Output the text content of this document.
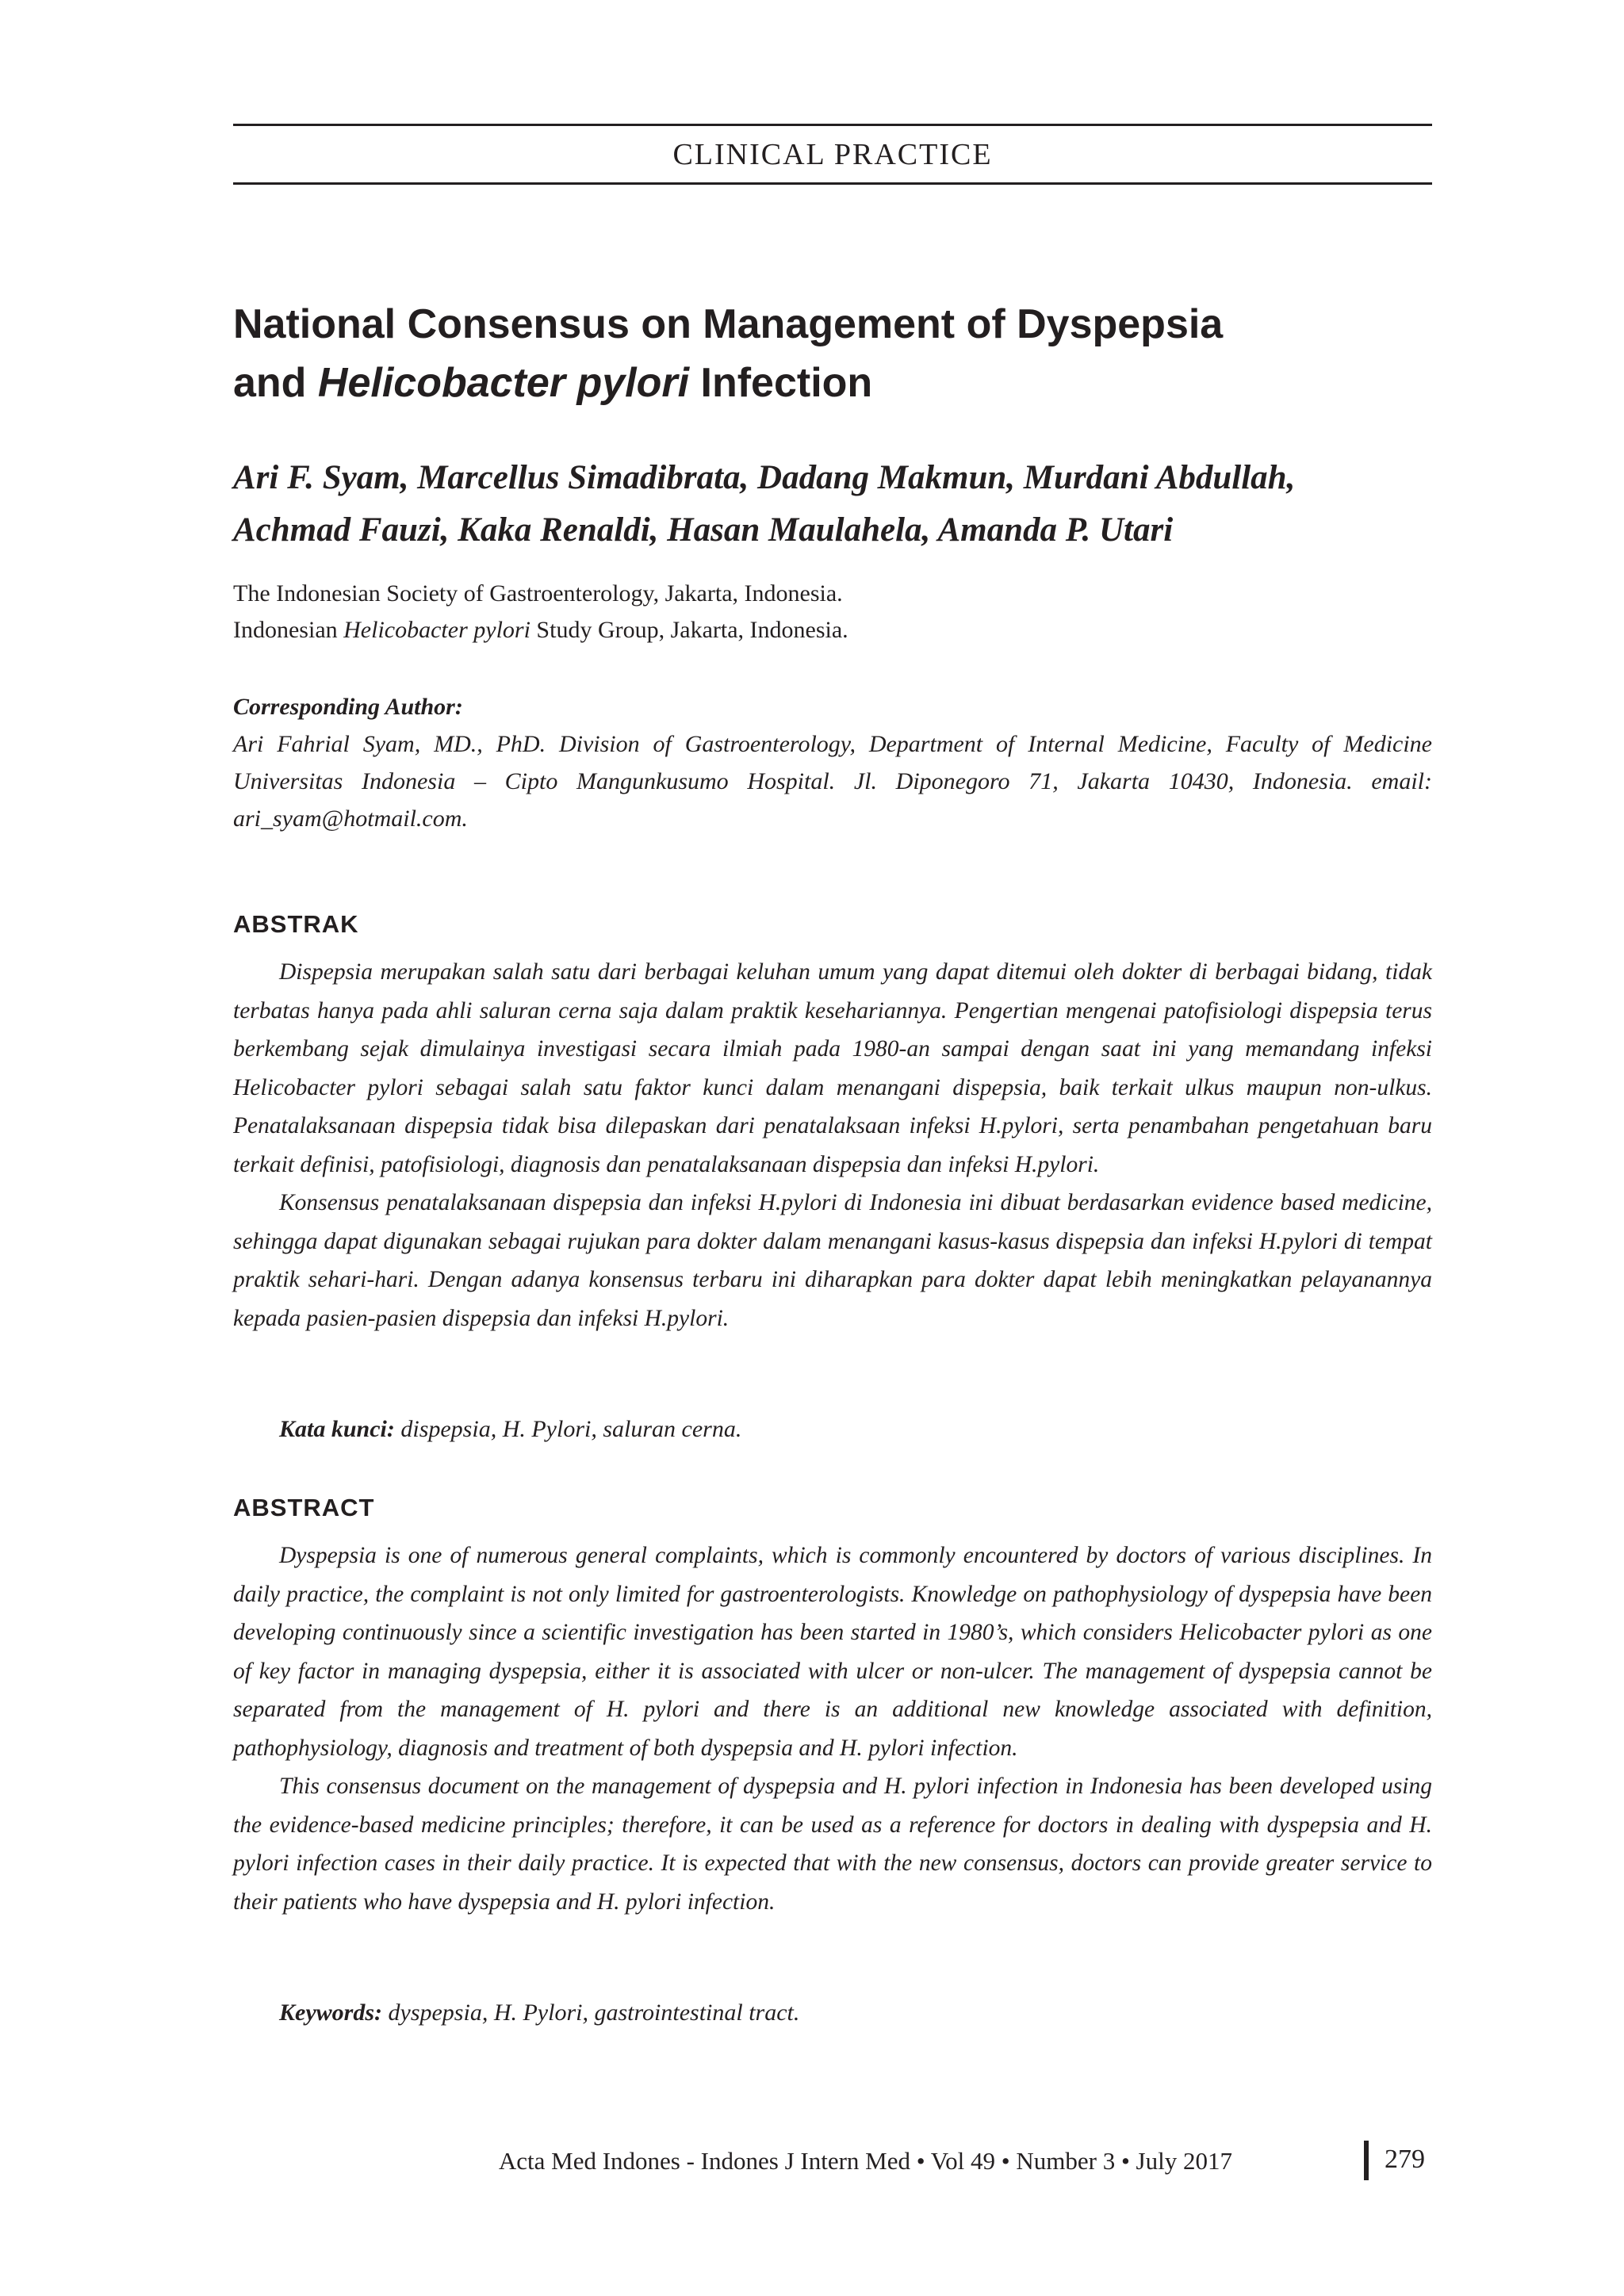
CLINICAL PRACTICE
National Consensus on Management of Dyspepsia
and Helicobacter pylori Infection
Ari F. Syam, Marcellus Simadibrata, Dadang Makmun, Murdani Abdullah,
Achmad Fauzi, Kaka Renaldi, Hasan Maulahela, Amanda P. Utari
The Indonesian Society of Gastroenterology, Jakarta, Indonesia.
Indonesian Helicobacter pylori Study Group, Jakarta, Indonesia.
Corresponding Author:
Ari Fahrial Syam, MD., PhD. Division of Gastroenterology, Department of Internal Medicine, Faculty of Medicine Universitas Indonesia – Cipto Mangunkusumo Hospital. Jl. Diponegoro 71, Jakarta 10430, Indonesia. email: ari_syam@hotmail.com.
ABSTRAK

Dispepsia merupakan salah satu dari berbagai keluhan umum yang dapat ditemui oleh dokter di berbagai bidang, tidak terbatas hanya pada ahli saluran cerna saja dalam praktik kesehariannya. Pengertian mengenai patofisiologi dispepsia terus berkembang sejak dimulainya investigasi secara ilmiah pada 1980-an sampai dengan saat ini yang memandang infeksi Helicobacter pylori sebagai salah satu faktor kunci dalam menangani dispepsia, baik terkait ulkus maupun non-ulkus. Penatalaksanaan dispepsia tidak bisa dilepaskan dari penatalaksaan infeksi H.pylori, serta penambahan pengetahuan baru terkait definisi, patofisiologi, diagnosis dan penatalaksanaan dispepsia dan infeksi H.pylori.

Konsensus penatalaksanaan dispepsia dan infeksi H.pylori di Indonesia ini dibuat berdasarkan evidence based medicine, sehingga dapat digunakan sebagai rujukan para dokter dalam menangani kasus-kasus dispepsia dan infeksi H.pylori di tempat praktik sehari-hari. Dengan adanya konsensus terbaru ini diharapkan para dokter dapat lebih meningkatkan pelayanannya kepada pasien-pasien dispepsia dan infeksi H.pylori.

Kata kunci: dispepsia, H. Pylori, saluran cerna.
ABSTRACT

Dyspepsia is one of numerous general complaints, which is commonly encountered by doctors of various disciplines. In daily practice, the complaint is not only limited for gastroenterologists. Knowledge on pathophysiology of dyspepsia have been developing continuously since a scientific investigation has been started in 1980’s, which considers Helicobacter pylori as one of key factor in managing dyspepsia, either it is associated with ulcer or non-ulcer. The management of dyspepsia cannot be separated from the management of H. pylori and there is an additional new knowledge associated with definition, pathophysiology, diagnosis and treatment of both dyspepsia and H. pylori infection.

This consensus document on the management of dyspepsia and H. pylori infection in Indonesia has been developed using the evidence-based medicine principles; therefore, it can be used as a reference for doctors in dealing with dyspepsia and H. pylori infection cases in their daily practice. It is expected that with the new consensus, doctors can provide greater service to their patients who have dyspepsia and H. pylori infection.

Keywords: dyspepsia, H. Pylori, gastrointestinal tract.
Acta Med Indones - Indones J Intern Med • Vol 49 • Number 3 • July 2017	279
